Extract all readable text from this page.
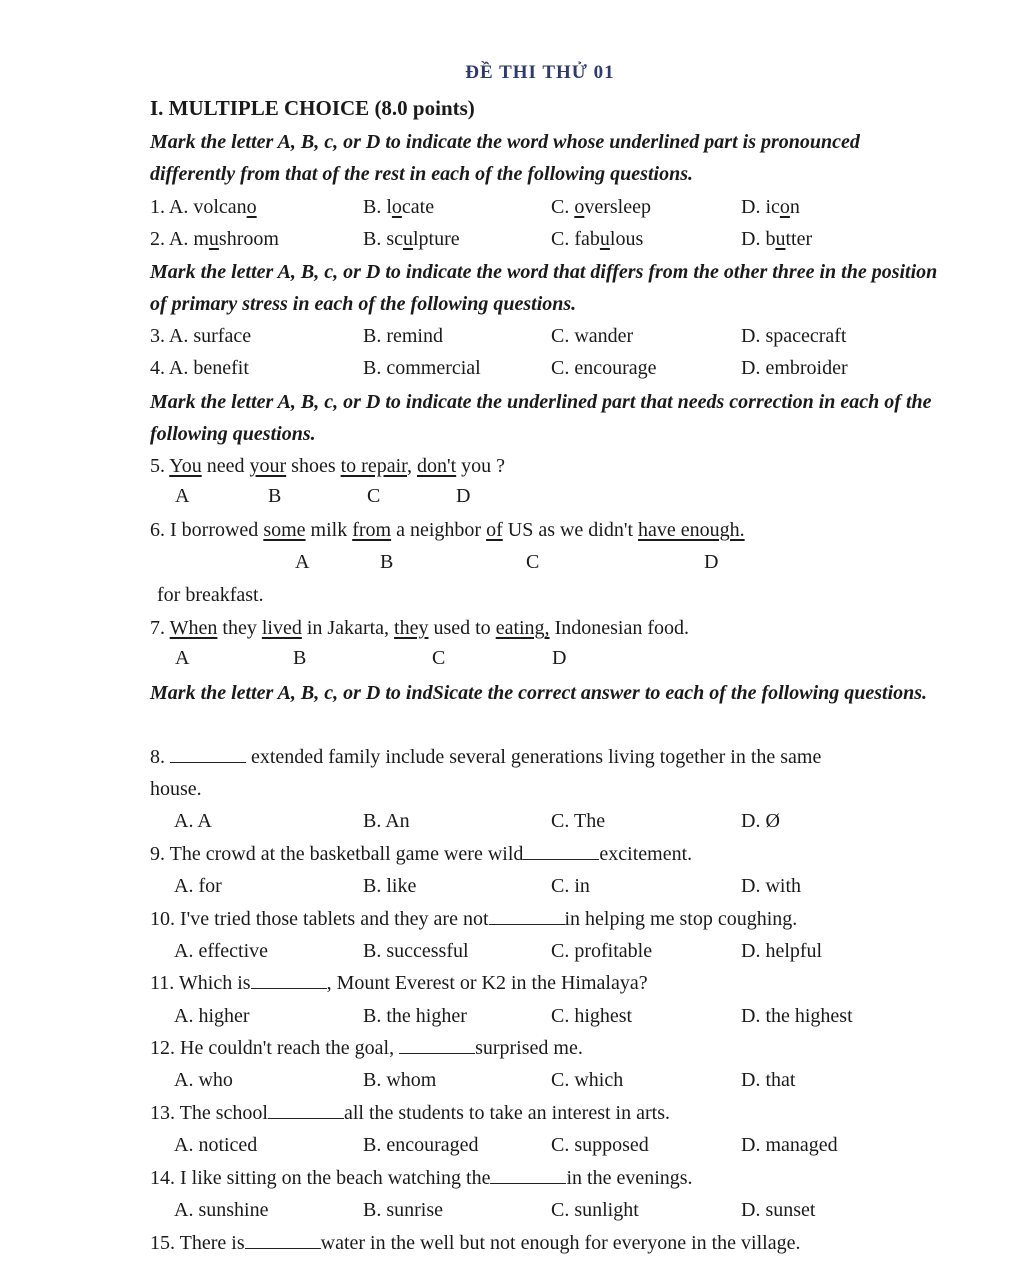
ĐỀ THI THỬ 01
I. MULTIPLE CHOICE (8.0 points)
Mark the letter A, B, c, or D to indicate the word whose underlined part is pronounced differently from that of the rest in each of the following questions.
1. A. volcano	B. locate	C. oversleep	D. icon
2. A. mushroom	B. sculpture	C. fabulous	D. butter
Mark the letter A, B, c, or D to indicate the word that differs from the other three in the position of primary stress in each of the following questions.
3. A. surface	B. remind	C. wander	D. spacecraft
4. A. benefit	B. commercial	C. encourage	D. embroider
Mark the letter A, B, c, or D to indicate the underlined part that needs correction in each of the following questions.
5. You need your shoes to repair, don't you ?
A	B	C	D
6. I borrowed some milk from a neighbor of US as we didn't have enough.
A	B	C	D
for breakfast.
7. When they lived in Jakarta, they used to eating, Indonesian food.
A	B	C	D
Mark the letter A, B, c, or D to indSicate the correct answer to each of the following questions.
8.	extended family include several generations living together in the same
house.
A. A	B. An	C. The	D. Ø
9. The crowd at the basketball game were wild	excitement.
A. for	B. like	C. in	D. with
10. I've tried those tablets and they are not	in helping me stop coughing.
A. effective	B. successful	C. profitable	D. helpful
11. Which is	, Mount Everest or K2 in the Himalaya?
A. higher	B. the higher	C. highest	D. the highest
12. He couldn't reach the goal,	surprised me.
A. who	B. whom	C. which	D. that
13. The school	all the students to take an interest in arts.
A. noticed	B. encouraged	C. supposed	D. managed
14. I like sitting on the beach watching the	in the evenings.
A. sunshine	B. sunrise	C. sunlight	D. sunset
15. There is	water in the well but not enough for everyone in the village.
